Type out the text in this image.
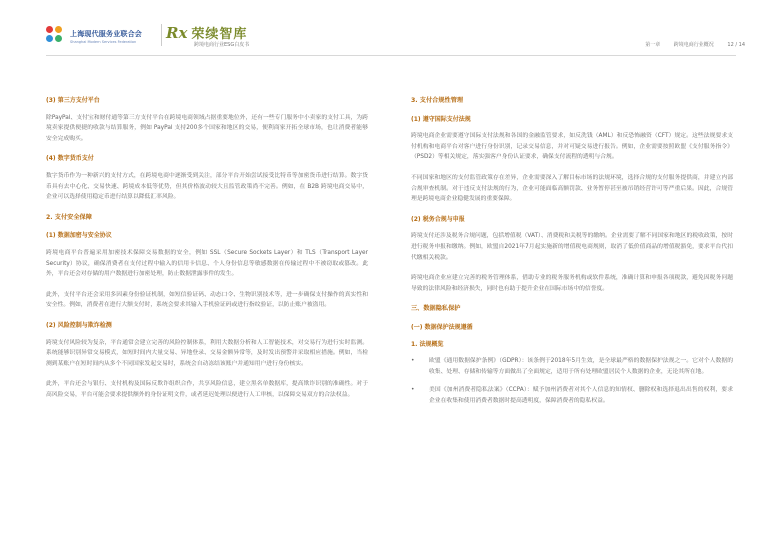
上海现代服务业联合会
Shanghai Modern Services Federation	Rx 荣续智库
跨境电商行业ESG白皮书	第一章	跨境电商行业概况	12 / 14
(3) 第三方支付平台

除PayPal、支付宝和财付通等第三方支付平台在跨境电商领域占据重要地位外，还有一些专门服务中小卖家的支付工具，为跨境卖家提供便捷的收款与结算服务，例如 PayPal 支持200多个国家和地区的交易，便利商家开拓全球市场，也让消费者能够安全完成购买。

(4) 数字货币支付

数字货币作为一种新兴的支付方式，在跨境电商中逐渐受到关注，部分平台开始尝试接受比特币等加密货币进行结算。数字货币具有去中心化、交易快速、跨境成本低等优势，但其价格波动较大且监管政策尚不完善。例如，在 B2B 跨境电商交易中，企业可以选择使用稳定币进行结算以降低汇率风险。

2. 支付安全保障
(1) 数据加密与安全协议

跨境电商平台普遍采用加密技术保障交易数据的安全，例如 SSL（Secure Sockets Layer）和 TLS（Transport Layer Security）协议，确保消费者在支付过程中输入的信用卡信息、个人身份信息等敏感数据在传输过程中不被窃取或篡改。此外，平台还会对存储的用户数据进行加密处理，防止数据泄露事件的发生。

此外，支付平台还会采用多因素身份验证机制，如短信验证码、动态口令、生物识别技术等，进一步确保支付操作的真实性和安全性。例如，消费者在进行大额支付时，系统会要求其输入手机验证码或进行指纹验证，以防止账户被盗用。

(2) 风险控制与欺诈检测

跨境支付风险较为复杂，平台通常会建立完善的风险控制体系，利用大数据分析和人工智能技术，对交易行为进行实时监测。系统能够识别异常交易模式，如短时间内大量交易、异地登录、交易金额异常等，及时发出预警并采取相应措施。例如，当检测到某账户在短时间内从多个不同国家发起交易时，系统会自动冻结该账户并通知用户进行身份核实。

此外，平台还会与银行、支付机构及国际反欺诈组织合作，共享风险信息，建立黑名单数据库，提高欺诈识别的准确性。对于高风险交易，平台可能会要求提供额外的身份证明文件，或者延迟处理以便进行人工审核，以保障交易双方的合法权益。

3. 支付合规性管理
(1) 遵守国际支付法规

跨境电商企业需要遵守国际支付法规和各国的金融监管要求，如反洗钱（AML）和反恐怖融资（CFT）规定。这些法规要求支付机构和电商平台对客户进行身份识别，记录交易信息，并对可疑交易进行报告。例如，企业需要按照欧盟《支付服务指令》（PSD2）等相关规定，落实强客户身份认证要求，确保支付流程的透明与合规。

不同国家和地区的支付监管政策存在差异，企业需要深入了解目标市场的法规环境，选择合规的支付服务提供商，并建立内部合规审查机制。对于违反支付法规的行为，企业可能面临高额罚款、业务暂停甚至被吊销经营许可等严重后果。因此，合规管理是跨境电商企业稳健发展的重要保障。

(2) 税务合规与申报

跨境支付还涉及税务合规问题，包括增值税（VAT）、消费税和关税等的缴纳。企业需要了解不同国家和地区的税收政策，按时进行税务申报和缴纳。例如，欧盟自2021年7月起实施新的增值税电商规则，取消了低价值商品的增值税豁免，要求平台代扣代缴相关税款。

跨境电商企业应建立完善的税务管理体系，借助专业的税务服务机构或软件系统，准确计算和申报各项税款，避免因税务问题导致的法律风险和经济损失，同时也有助于提升企业在国际市场中的信誉度。

三、数据隐私保护
(一) 数据保护法规遵循
1. 法规概览
•	欧盟《通用数据保护条例》（GDPR）：该条例于2018年5月生效，是全球最严格的数据保护法规之一。它对个人数据的收集、处理、存储和传输等方面做出了全面规定，适用于所有处理欧盟居民个人数据的企业，无论其所在地。
•	美国《加州消费者隐私法案》（CCPA）：赋予加州消费者对其个人信息的知情权、删除权和选择退出出售的权利，要求企业在收集和使用消费者数据时提高透明度，保障消费者的隐私权益。
